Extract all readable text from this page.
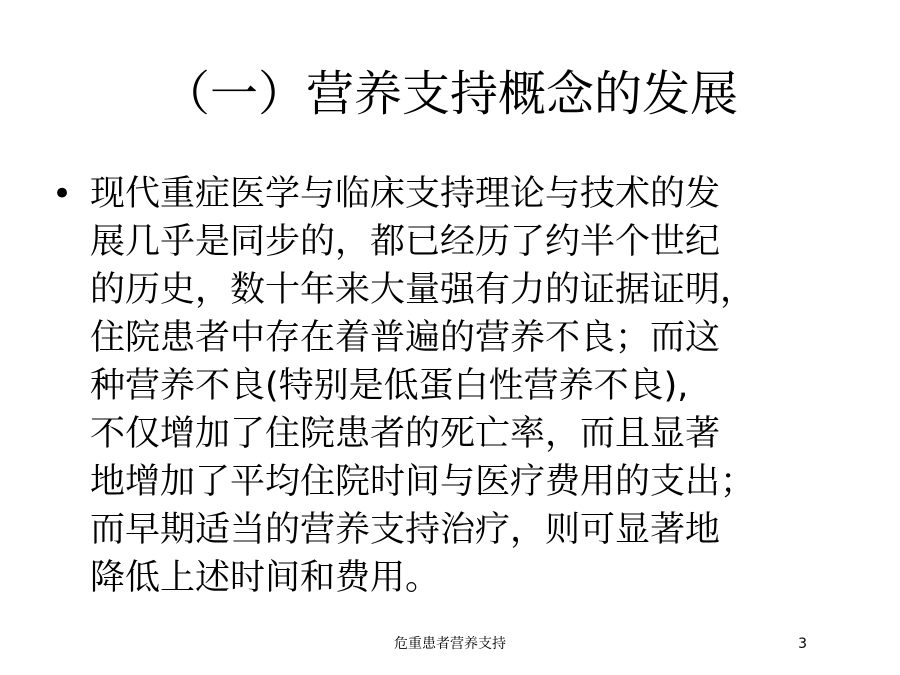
（一）营养支持概念的发展
• 现代重症医学与临床支持理论与技术的发
展几乎是同步的，都已经历了约半个世纪
的历史，数十年来大量强有力的证据证明，
住院患者中存在着普遍的营养不良；而这
种营养不良(特别是低蛋白性营养不良),
不仅增加了住院患者的死亡率，而且显著
地增加了平均住院时间与医疗费用的支出；
而早期适当的营养支持治疗，则可显著地
降低上述时间和费用。
危重患者营养支持	3
